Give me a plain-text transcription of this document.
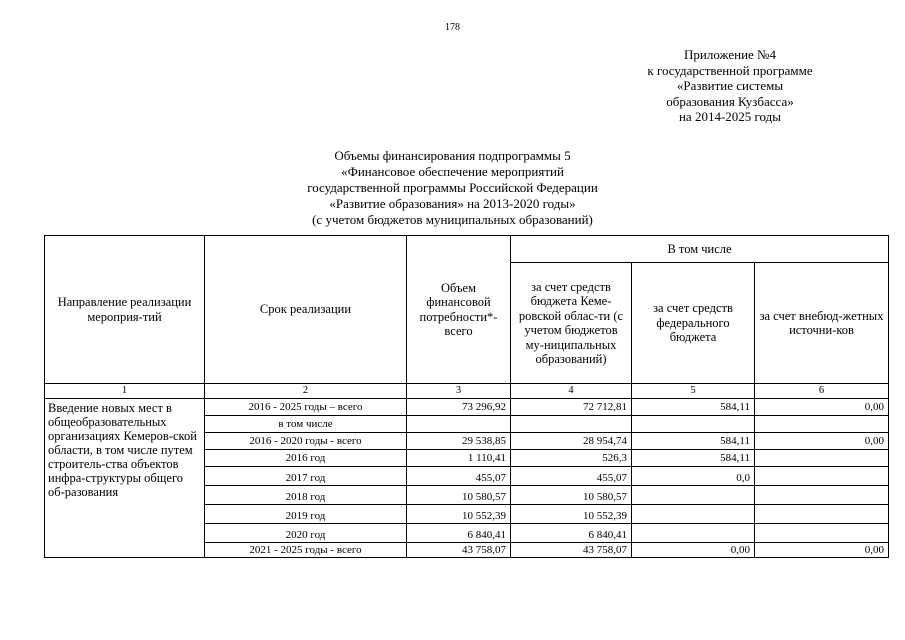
178
Приложение №4
к государственной программе
«Развитие системы
образования Кузбасса»
на 2014-2025 годы
Объемы финансирования подпрограммы 5
«Финансовое обеспечение мероприятий
государственной программы Российской Федерации
«Развитие образования» на 2013-2020 годы»
(с учетом бюджетов муниципальных образований)
Направление реализации мероприя-тий	Срок реализации	Объем финансовой потребности*- всего	В том числе		
			за счет средств бюджета Кеме-ровской облас-ти (с учетом бюджетов му-ниципальных образований)	за счет средств федерального бюджета	за счет внебюд-жетных источни-ков
1	2	3	4	5	6
Введение новых мест в общеобразовательных организациях Кемеров-ской области, в том числе путем строитель-ства объектов инфра-структуры общего об-разования	2016 - 2025 годы – всего	73 296,92	72 712,81	584,11	0,00
	в том числе				
	2016 - 2020 годы - всего	29 538,85	28 954,74	584,11	0,00
	2016 год	1 110,41	526,3	584,11	
	2017 год	455,07	455,07	0,0	
	2018 год	10 580,57	10 580,57		
	2019 год	10 552,39	10 552,39		
	2020 год	6 840,41	6 840,41		
	2021 - 2025 годы - всего	43 758,07	43 758,07	0,00	0,00
